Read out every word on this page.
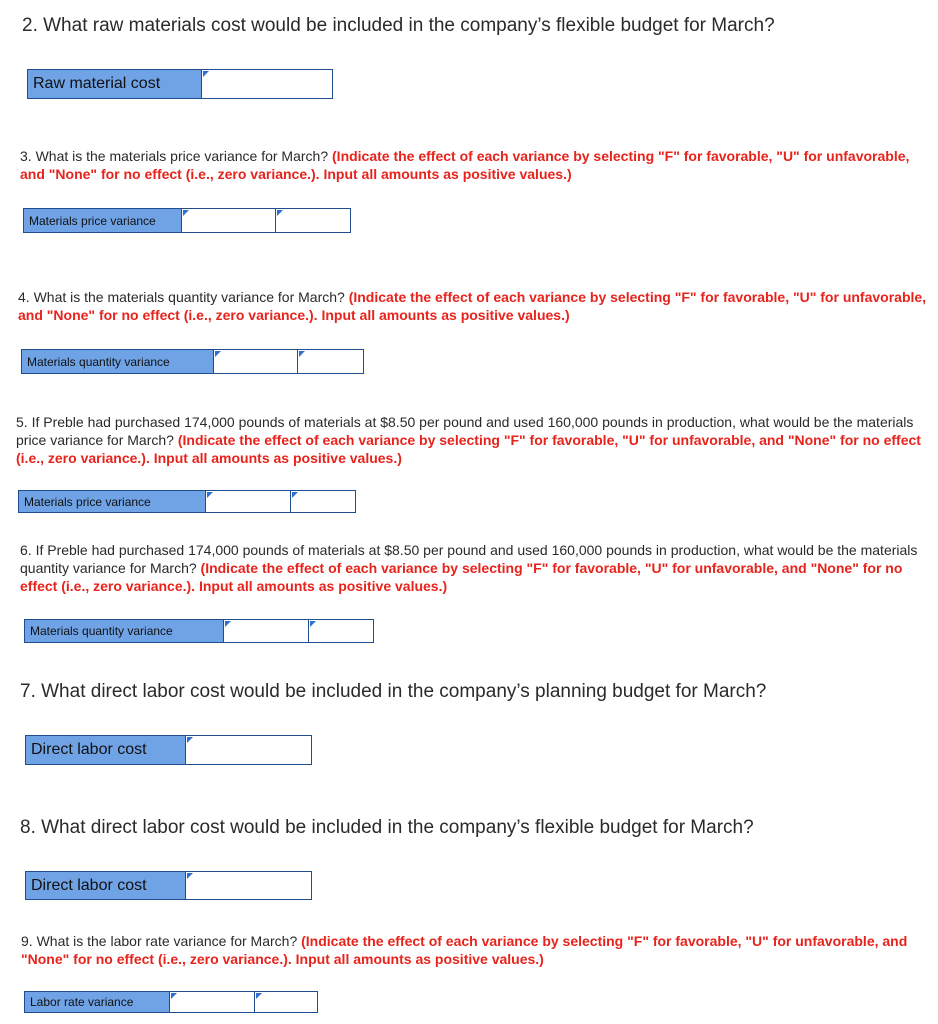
2. What raw materials cost would be included in the company’s flexible budget for March?
Raw material cost
3. What is the materials price variance for March? (Indicate the effect of each variance by selecting "F" for favorable, "U" for unfavorable, and "None" for no effect (i.e., zero variance.). Input all amounts as positive values.)
Materials price variance
4. What is the materials quantity variance for March? (Indicate the effect of each variance by selecting "F" for favorable, "U" for unfavorable, and "None" for no effect (i.e., zero variance.). Input all amounts as positive values.)
Materials quantity variance
5. If Preble had purchased 174,000 pounds of materials at $8.50 per pound and used 160,000 pounds in production, what would be the materials price variance for March? (Indicate the effect of each variance by selecting "F" for favorable, "U" for unfavorable, and "None" for no effect (i.e., zero variance.). Input all amounts as positive values.)
Materials price variance
6. If Preble had purchased 174,000 pounds of materials at $8.50 per pound and used 160,000 pounds in production, what would be the materials quantity variance for March? (Indicate the effect of each variance by selecting "F" for favorable, "U" for unfavorable, and "None" for no effect (i.e., zero variance.). Input all amounts as positive values.)
Materials quantity variance
7. What direct labor cost would be included in the company’s planning budget for March?
Direct labor cost
8. What direct labor cost would be included in the company’s flexible budget for March?
Direct labor cost
9. What is the labor rate variance for March? (Indicate the effect of each variance by selecting "F" for favorable, "U" for unfavorable, and "None" for no effect (i.e., zero variance.). Input all amounts as positive values.)
Labor rate variance
